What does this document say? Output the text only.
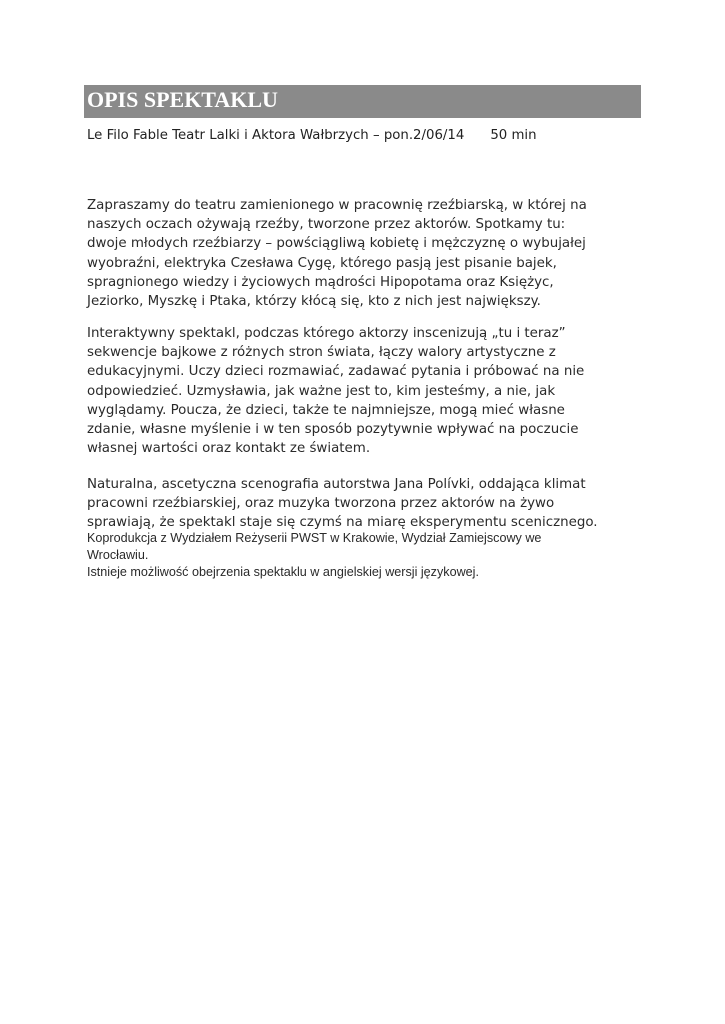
OPIS SPEKTAKLU
Le Filo Fable Teatr Lalki i Aktora Wałbrzych – pon.2/06/14 50 min

Zapraszamy do teatru zamienionego w pracownię rzeźbiarską, w której na
naszych oczach ożywają rzeźby, tworzone przez aktorów. Spotkamy tu:
dwoje młodych rzeźbiarzy – powściągliwą kobietę i mężczyznę o wybujałej
wyobraźni, elektryka Czesława Cygę, którego pasją jest pisanie bajek,
spragnionego wiedzy i życiowych mądrości Hipopotama oraz Księżyc,
Jeziorko, Myszkę i Ptaka, którzy kłócą się, kto z nich jest największy.

Interaktywny spektakl, podczas którego aktorzy inscenizują „tu i teraz”
sekwencje bajkowe z różnych stron świata, łączy walory artystyczne z
edukacyjnymi. Uczy dzieci rozmawiać, zadawać pytania i próbować na nie
odpowiedzieć. Uzmysławia, jak ważne jest to, kim jesteśmy, a nie, jak
wyglądamy. Poucza, że dzieci, także te najmniejsze, mogą mieć własne
zdanie, własne myślenie i w ten sposób pozytywnie wpływać na poczucie
własnej wartości oraz kontakt ze światem.

Naturalna, ascetyczna scenografia autorstwa Jana Polívki, oddająca klimat
pracowni rzeźbiarskiej, oraz muzyka tworzona przez aktorów na żywo
sprawiają, że spektakl staje się czymś na miarę eksperymentu scenicznego.

Koprodukcja z Wydziałem Reżyserii PWST w Krakowie, Wydział Zamiejscowy we
Wrocławiu.
Istnieje możliwość obejrzenia spektaklu w angielskiej wersji językowej.
